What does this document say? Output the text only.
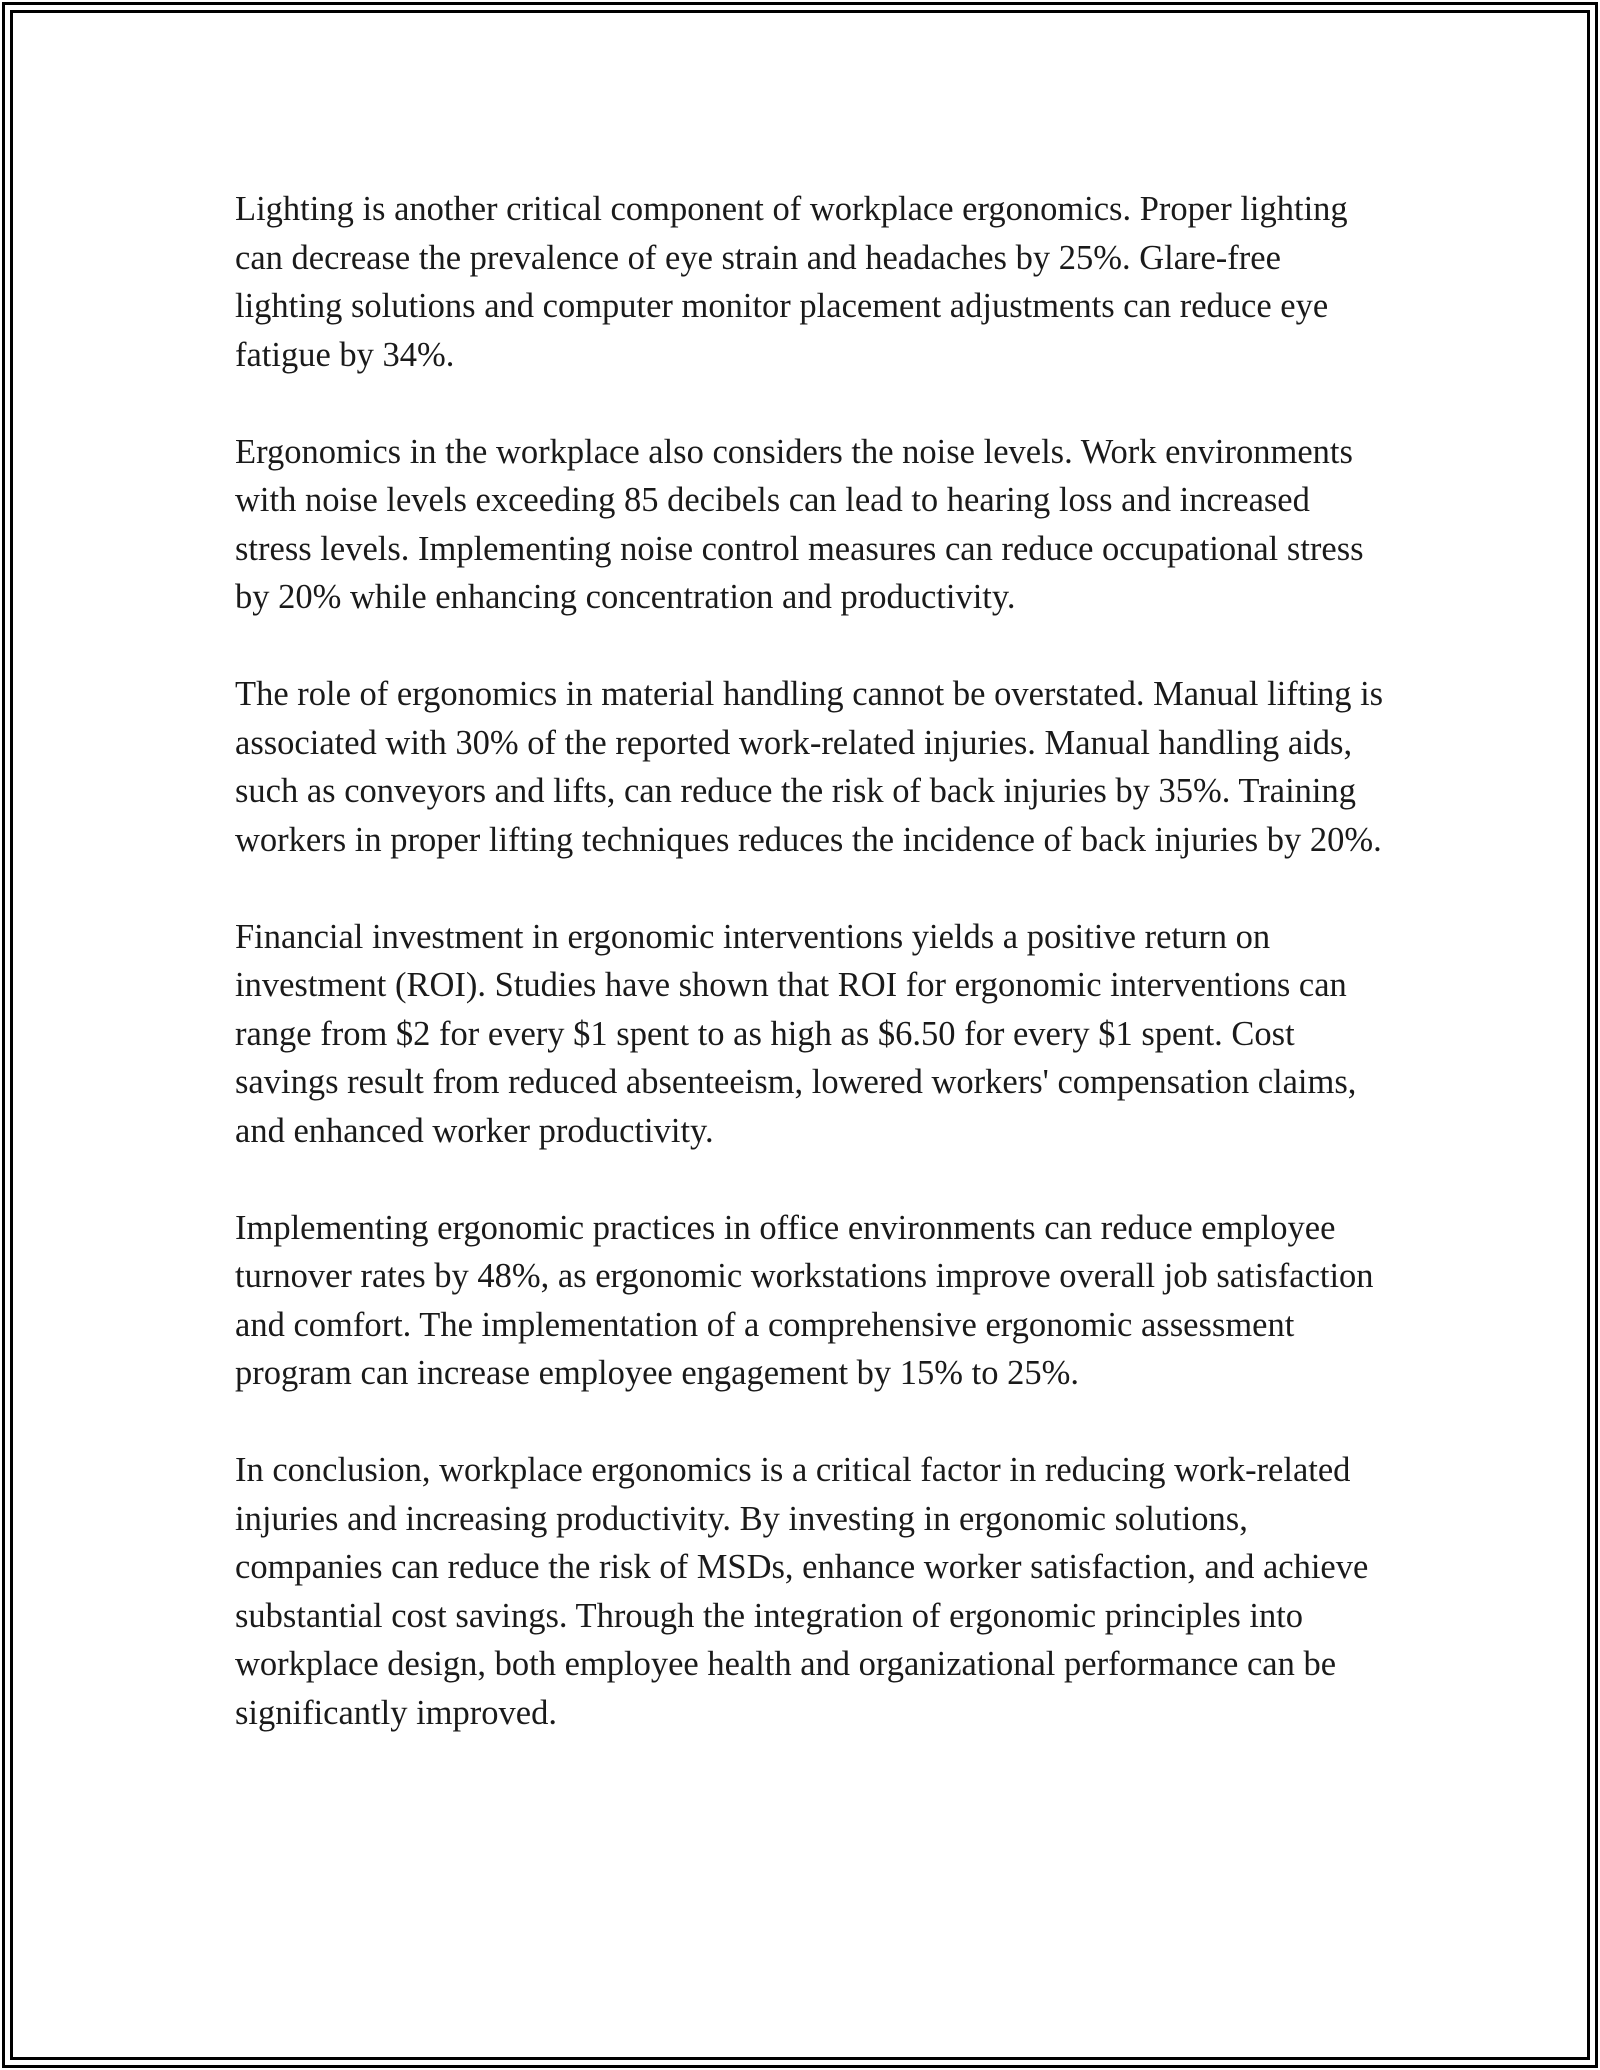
Lighting is another critical component of workplace ergonomics. Proper lighting can decrease the prevalence of eye strain and headaches by 25%. Glare-free lighting solutions and computer monitor placement adjustments can reduce eye fatigue by 34%.

Ergonomics in the workplace also considers the noise levels. Work environments with noise levels exceeding 85 decibels can lead to hearing loss and increased stress levels. Implementing noise control measures can reduce occupational stress by 20% while enhancing concentration and productivity.

The role of ergonomics in material handling cannot be overstated. Manual lifting is associated with 30% of the reported work-related injuries. Manual handling aids, such as conveyors and lifts, can reduce the risk of back injuries by 35%. Training workers in proper lifting techniques reduces the incidence of back injuries by 20%.

Financial investment in ergonomic interventions yields a positive return on investment (ROI). Studies have shown that ROI for ergonomic interventions can range from $2 for every $1 spent to as high as $6.50 for every $1 spent. Cost savings result from reduced absenteeism, lowered workers' compensation claims, and enhanced worker productivity.

Implementing ergonomic practices in office environments can reduce employee turnover rates by 48%, as ergonomic workstations improve overall job satisfaction and comfort. The implementation of a comprehensive ergonomic assessment program can increase employee engagement by 15% to 25%.

In conclusion, workplace ergonomics is a critical factor in reducing work-related injuries and increasing productivity. By investing in ergonomic solutions, companies can reduce the risk of MSDs, enhance worker satisfaction, and achieve substantial cost savings. Through the integration of ergonomic principles into workplace design, both employee health and organizational performance can be significantly improved.
